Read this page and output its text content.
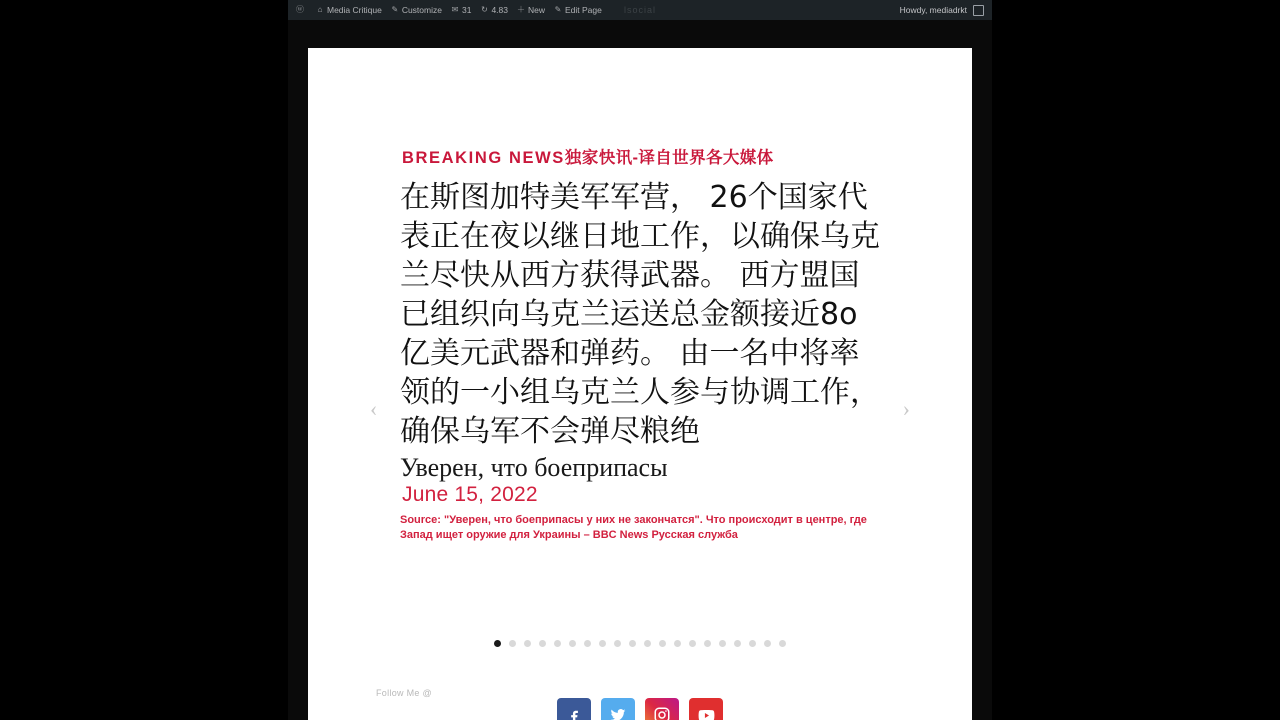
ⓦ ⌂ Media Critique ✎ Customize ✉ 31 ↻ 4.83 ＋ New ✎ Edit Page lsocial	Howdy, mediadrkt
‹	›
BREAKING NEWS独家快讯-译自世界各大媒体

在斯图加特美军军营， 26个国家代表正在夜以继日地工作，以确保乌克兰尽快从西方获得武器。 西方盟国已组织向乌克兰运送总金额接近8o亿美元武器和弹药。 由一名中将率领的一小组乌克兰人参与协调工作， 确保乌军不会弹尽粮绝

Уверен, что боеприпасы

June 15, 2022

Source: "Уверен, что боеприпасы у них не закончатся". Что происходит в центре, где Запад ищет оружие для Украины – BBC News Русская служба

Follow Me @
